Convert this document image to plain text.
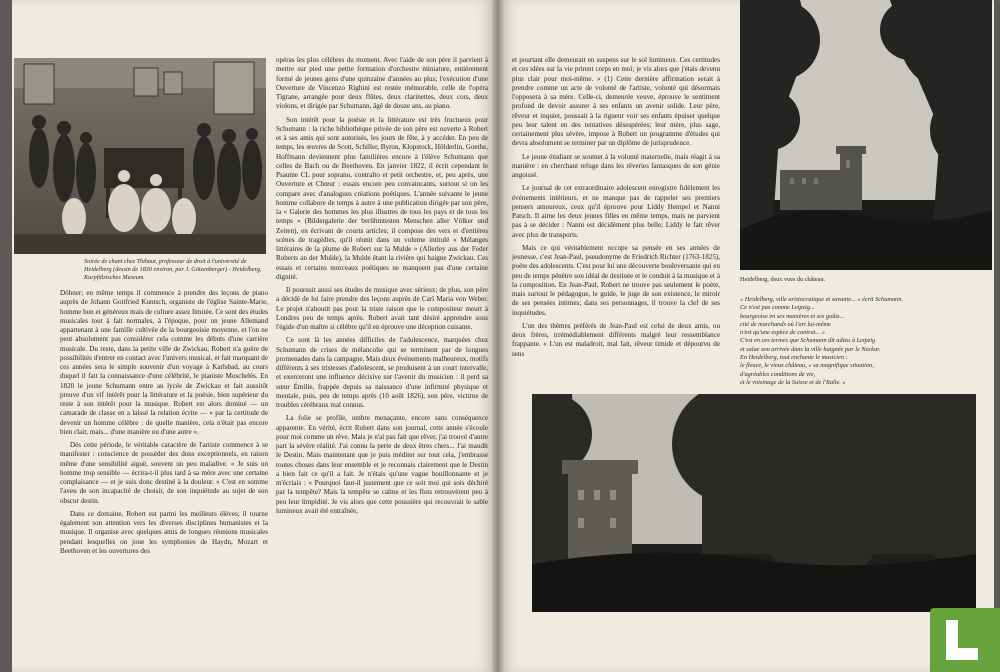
Soirée de chant chez Thibaut, professeur de droit à l'université de Heidelberg (dessin de 1830 environ, par J. Götzenberger) - Heidelberg, Kurpfälzisches Museum.

Döhner; en même temps il commence à prendre des leçons de piano auprès de Johann Gottfried Kuntsch, organiste de l'église Sainte-Marie, homme bon et généreux mais de culture assez limitée. Ce sont des études musicales tout à fait normales, à l'époque, pour un jeune Allemand appartenant à une famille cultivée de la bourgeoisie moyenne, et l'on ne peut absolument pas considérer cela comme les débuts d'une carrière musicale. Du reste, dans la petite ville de Zwickau, Robert n'a guère de possibilités d'entrer en contact avec l'univers musical, et fait marquant de ces années sera le simple souvenir d'un voyage à Karlsbad, au cours duquel il fait la connaissance d'une célébrité, le pianiste Moschelès. En 1820 le jeune Schumann entre au lycée de Zwickau et fait aussitôt preuve d'un vif intérêt pour la littérature et la poésie, bien supérieur du reste à son intérêt pour la musique. Robert est alors dominé — un camarade de classe en a laissé la relation écrite — « par la certitude de devenir un homme célèbre : de quelle manière, cela n'était pas encore bien clair, mais... d'une manière ou d'une autre ».

Dès cette période, le véritable caractère de l'artiste commence à se manifester : conscience de posséder des dons exceptionnels, en raison même d'une sensibilité aiguë, souvent un peu maladive. « Je suis un homme trop sensible — écrira-t-il plus tard à sa mère avec une certaine complaisance — et je suis donc destiné à la douleur. » C'est en somme l'aveu de son incapacité de choisir, de son inquiétude au sujet de son obscur destin.

Dans ce domaine, Robert est parmi les meilleurs élèves; il tourne également son attention vers les diverses disciplines humanistes et la musique. Il organise avec quelques amis de longues réunions musicales pendant lesquelles on joue les symphonies de Haydn, Mozart et Beethoven et les ouvertures des

opéras les plus célèbres du moment. Avec l'aide de son père il parvient à mettre sur pied une petite formation d'orchestre miniature, entièrement formé de jeunes gens d'une quinzaine d'années au plus; l'exécution d'une Ouverture de Vincenzo Righini est restée mémorable, celle de l'opéra Tigrane, arrangée pour deux flûtes, deux clarinettes, deux cors, deux violons, et dirigée par Schumann, âgé de douze ans, au piano.

Son intérêt pour la poésie et la littérature est très fructueux pour Schumann : la riche bibliothèque privée de son père est ouverte à Robert et à ses amis qui sont autorisés, les jours de fête, à y accéder. En peu de temps, les œuvres de Scott, Schiller, Byron, Klopstock, Hölderlin, Goethe, Hoffmann deviennent plus familières encore à l'élève Schumann que celles de Bach ou de Beethoven. En janvier 1822, il écrit cependant le Psaume CL pour soprano, contralto et petit orchestre, et, peu après, une Ouverture et Chœur : essais encore peu convaincants, surtout si on les compare avec d'analogues créations poétiques. L'année suivante le jeune homme collabore de temps à autre à une publication dirigée par son père, la « Galerie des hommes les plus illustres de tous les pays et de tous les temps » (Bildergalerie der berühmtesten Menschen aller Völker und Zeiten), en écrivant de courts articles; il compose des vers et d'entières scènes de tragédies, qu'il réunit dans un volume intitulé « Mélanges littéraires de la plume de Robert sur la Mulde » (Allerley aus der Feder Roberts an der Mulde), la Mulde étant la rivière qui baigne Zwickau. Ces essais et certains morceaux poétiques ne manquent pas d'une certaine dignité.

Il poursuit aussi ses études de musique avec sérieux; de plus, son père a décidé de lui faire prendre des leçons auprès de Carl Maria von Weber. Le projet n'aboutit pas pour la triste raison que le compositeur meurt à Londres peu de temps après. Robert avait tant désiré apprendre sous l'égide d'un maître si célèbre qu'il en éprouve une déception cuisante.

Ce sont là les années difficiles de l'adolescence, marquées chez Schumann de crises de mélancolie qui se terminent par de longues promenades dans la campagne. Mais deux événements malheureux, motifs différents à ses tristesses d'adolescent, se produisent à un court intervalle, et exerceront une influence décisive sur l'avenir du musicien : il perd sa sœur Émilie, frappée depuis sa naissance d'une infirmité physique et mentale, puis, peu de temps après (10 août 1826), son père, victime de troubles cérébraux mal connus.

La folie se profile, ombre menaçante, encore sans conséquence apparente. En vérité, écrit Robert dans son journal, cette année s'écoule pour moi comme un rêve. Mais je n'ai pas fait que rêver, j'ai trouvé d'autre part la sévère réalité. J'ai connu la perte de deux êtres chers... J'ai maudit le Destin. Mais maintenant que je puis méditer sur tout cela, j'embrasse toutes choses dans leur ensemble et je reconnais clairement que le Destin a bien fait ce qu'il a fait. Je n'étais qu'une vague bouillonnante et je m'écriais : « Pourquoi faut-il justement que ce soit moi qui sois déchiré par la tempête? Mais la tempête se calme et les flots retrouvèrent peu à peu leur limpidité. Je vis alors que cette poussière qui recouvrait le sable lumineux avait été entraînée,

et pourtant elle demeurait en suspens sur le sol lumineux. Ces certitudes et ces idées sur la vie prirent corps en moi; je vis alors que j'étais devenu plus clair pour moi-même. » (1) Cette dernière affirmation serait à prendre comme un acte de volonté de l'artiste, volonté qui désormais l'opposera à sa mère. Celle-ci, demeurée veuve, éprouve le sentiment profond de devoir assurer à ses enfants un avenir solide. Leur père, rêveur et inquiet, poussait à la rigueur voir ses enfants épuiser quelque peu leur talent en des tentatives désespérées; leur mère, plus sage, certainement plus sévère, impose à Robert un programme d'études qui devra absolument se terminer par un diplôme de jurisprudence.

Le jeune étudiant se soumet à la volonté maternelle, mais réagit à sa manière : en cherchant refuge dans les rêveries fantasques de son génie angoissé.

Le journal de cet extraordinaire adolescent enregistre fidèlement les événements intérieurs, et ne manque pas de rappeler ses premiers pensers amoureux, ceux qu'il éprouve pour Liddy Hempel et Nanni Patsch. Il aime les deux jeunes filles en même temps, mais ne parvient pas à se décider : Nanni est décidément plus belle; Liddy le fait rêver avec plus de transports.

Mais ce qui véritablement occupe sa pensée en ses années de jeunesse, c'est Jean-Paul, pseudonyme de Friedrich Richter (1763-1825), poète des adolescents. C'est pour lui une découverte bouleversante qui en peu de temps pénètre son idéal de destinée et le conduit à la musique et à la composition. En Jean-Paul, Robert ne trouve pas seulement le poète, mais surtout le pédagogue, le guide, le juge de son existence, le miroir de ses pensées intimes; dans ses personnages, il trouve la clef de ses inquiétudes.

L'un des thèmes préférés de Jean-Paul est celui de deux amis, ou deux frères, irrémédiablement différents malgré leur ressemblance frappante. « L'un est maladroit, mal fait, rêveur timide et dépourvu de sens

Heidelberg, deux vues du château.
« Heidelberg, ville aristocratique et savante... » écrit Schumann.
Ce n'est pas comme Leipzig...
bourgeoise en ses manières et ses goûts...
cité de marchands où l'art lui-même
n'est qu'une espèce de contrat... »
C'est en ces termes que Schumann dit adieu à Leipzig
et salue son arrivée dans la ville baignée par le Neckar.
En Heidelberg, tout enchante le musicien :
le fleuve, le vieux château, « sa magnifique situation,
d'agréables conditions de vie,
et le voisinage de la Suisse et de l'Italie. »
